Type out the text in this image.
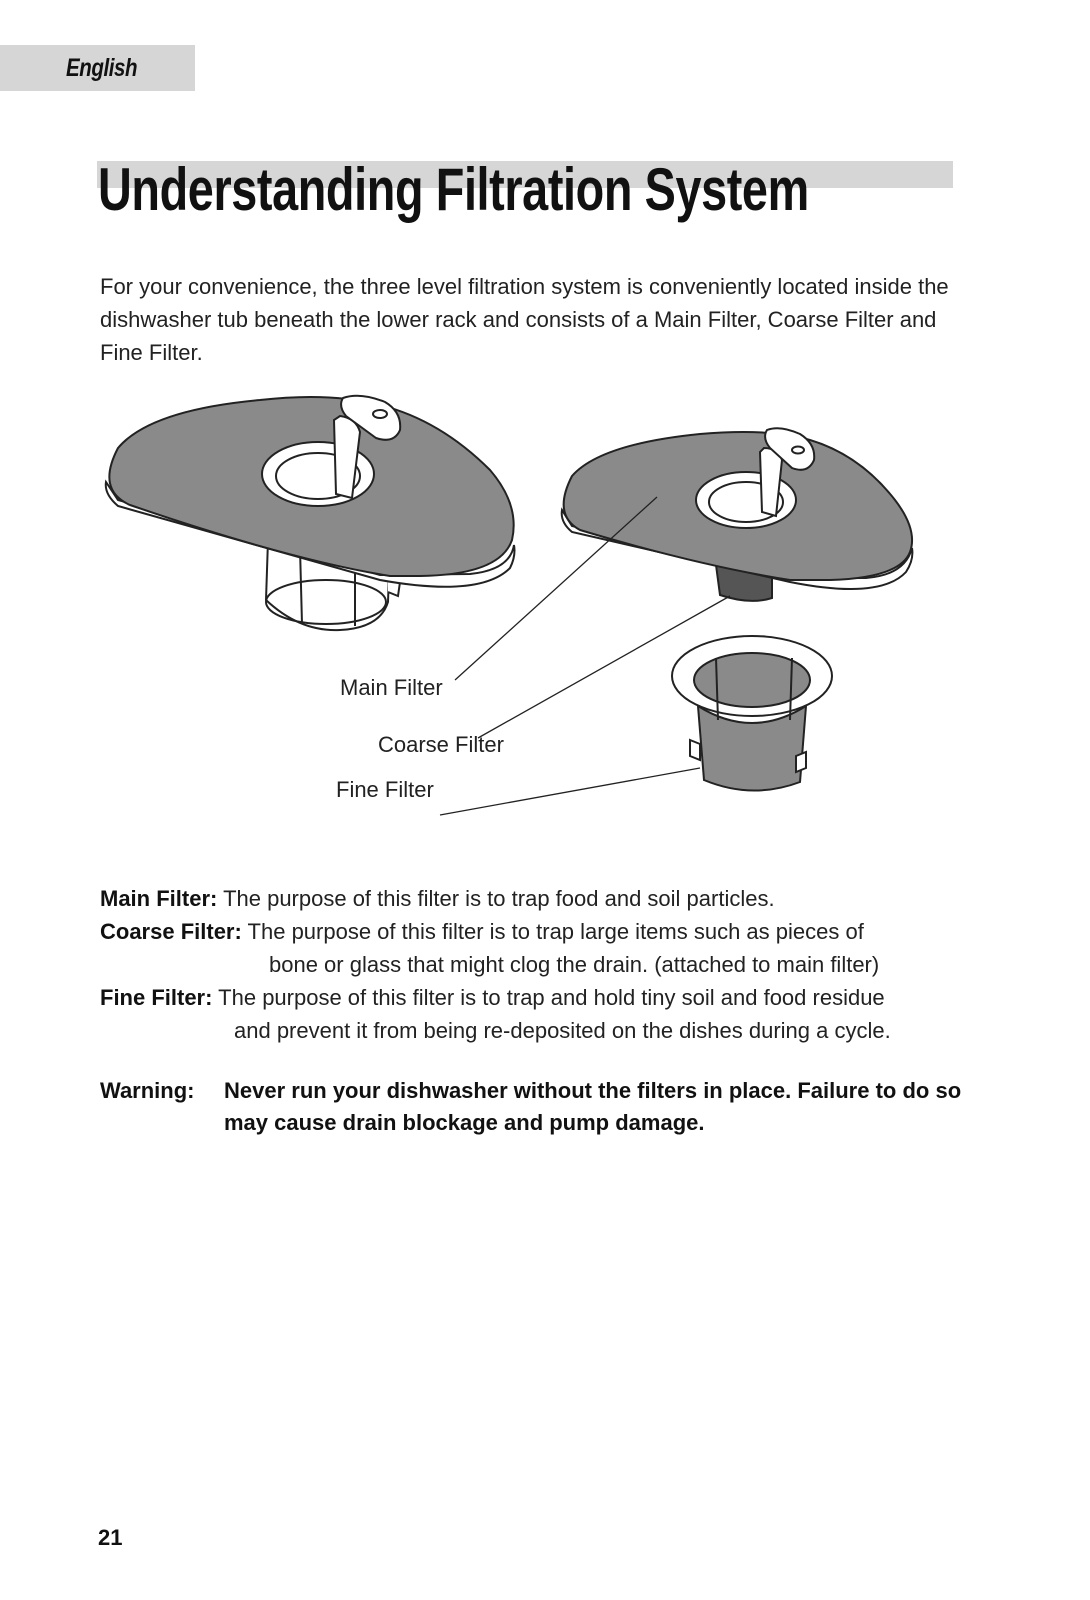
English
Understanding Filtration System

For your convenience, the three level filtration system is conveniently located inside the dishwasher tub beneath the lower rack and consists of a Main Filter, Coarse Filter and Fine Filter.

Main Filter
Coarse Filter
Fine Filter
Main Filter: The purpose of this filter is to trap food and soil particles.
Coarse Filter: The purpose of this filter is to trap large items such as pieces of
bone or glass that might clog the drain. (attached to main filter)
Fine Filter: The purpose of this filter is to trap and hold tiny soil and food residue
and prevent it from being re-deposited on the dishes during a cycle.
Warning: Never run your dishwasher without the filters in place. Failure to do so may cause drain blockage and pump damage.
21
